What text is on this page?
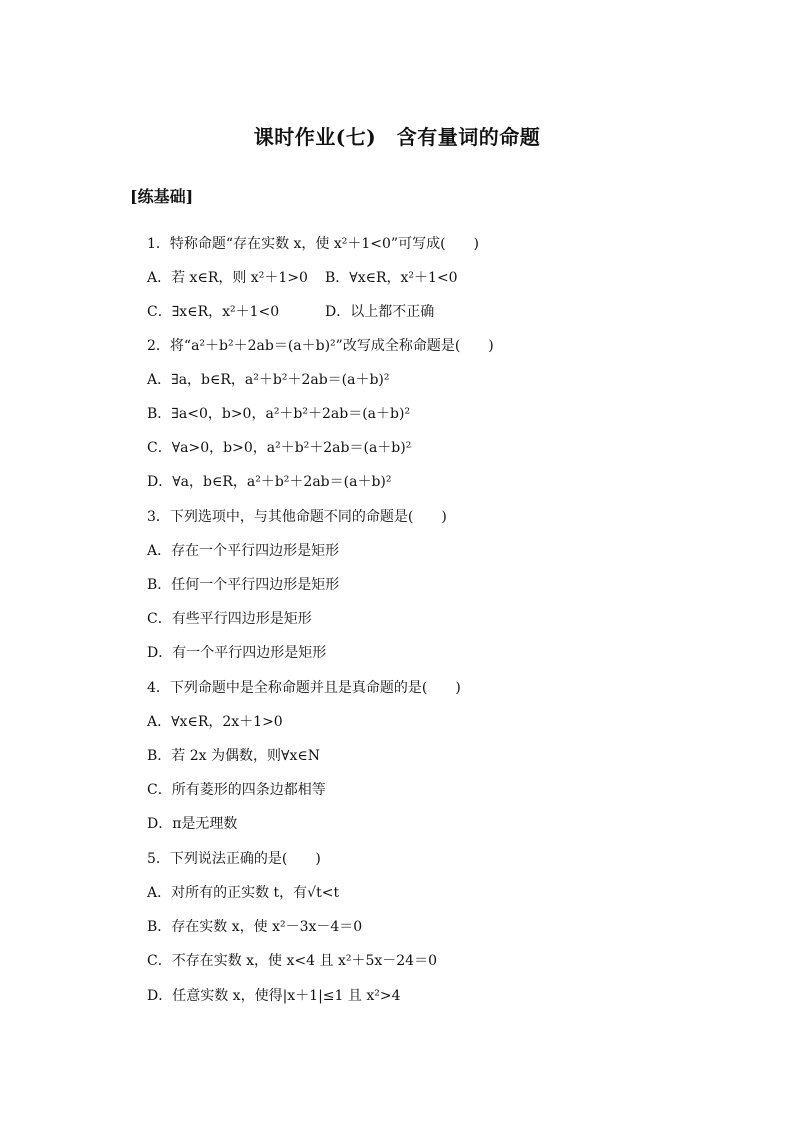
课时作业(七)　含有量词的命题
[练基础]
1．特称命题“存在实数 x，使 x²＋1<0”可写成(　　)
A．若 x∈R，则 x²＋1>0 B．∀x∈R，x²＋1<0
C．∃x∈R，x²＋1<0	D．以上都不正确
2．将“a²＋b²＋2ab＝(a＋b)²”改写成全称命题是(　　)
A．∃a，b∈R，a²＋b²＋2ab＝(a＋b)²
B．∃a<0，b>0，a²＋b²＋2ab＝(a＋b)²
C．∀a>0，b>0，a²＋b²＋2ab＝(a＋b)²
D．∀a，b∈R，a²＋b²＋2ab＝(a＋b)²
3．下列选项中，与其他命题不同的命题是(　　)
A．存在一个平行四边形是矩形
B．任何一个平行四边形是矩形
C．有些平行四边形是矩形
D．有一个平行四边形是矩形
4．下列命题中是全称命题并且是真命题的是(　　)
A．∀x∈R，2x＋1>0
B．若 2x 为偶数，则∀x∈N
C．所有菱形的四条边都相等
D．π是无理数
5．下列说法正确的是(　　)
A．对所有的正实数 t，有√t<t
B．存在实数 x，使 x²－3x－4＝0
C．不存在实数 x，使 x<4 且 x²＋5x－24＝0
D．任意实数 x，使得|x＋1|≤1 且 x²>4
